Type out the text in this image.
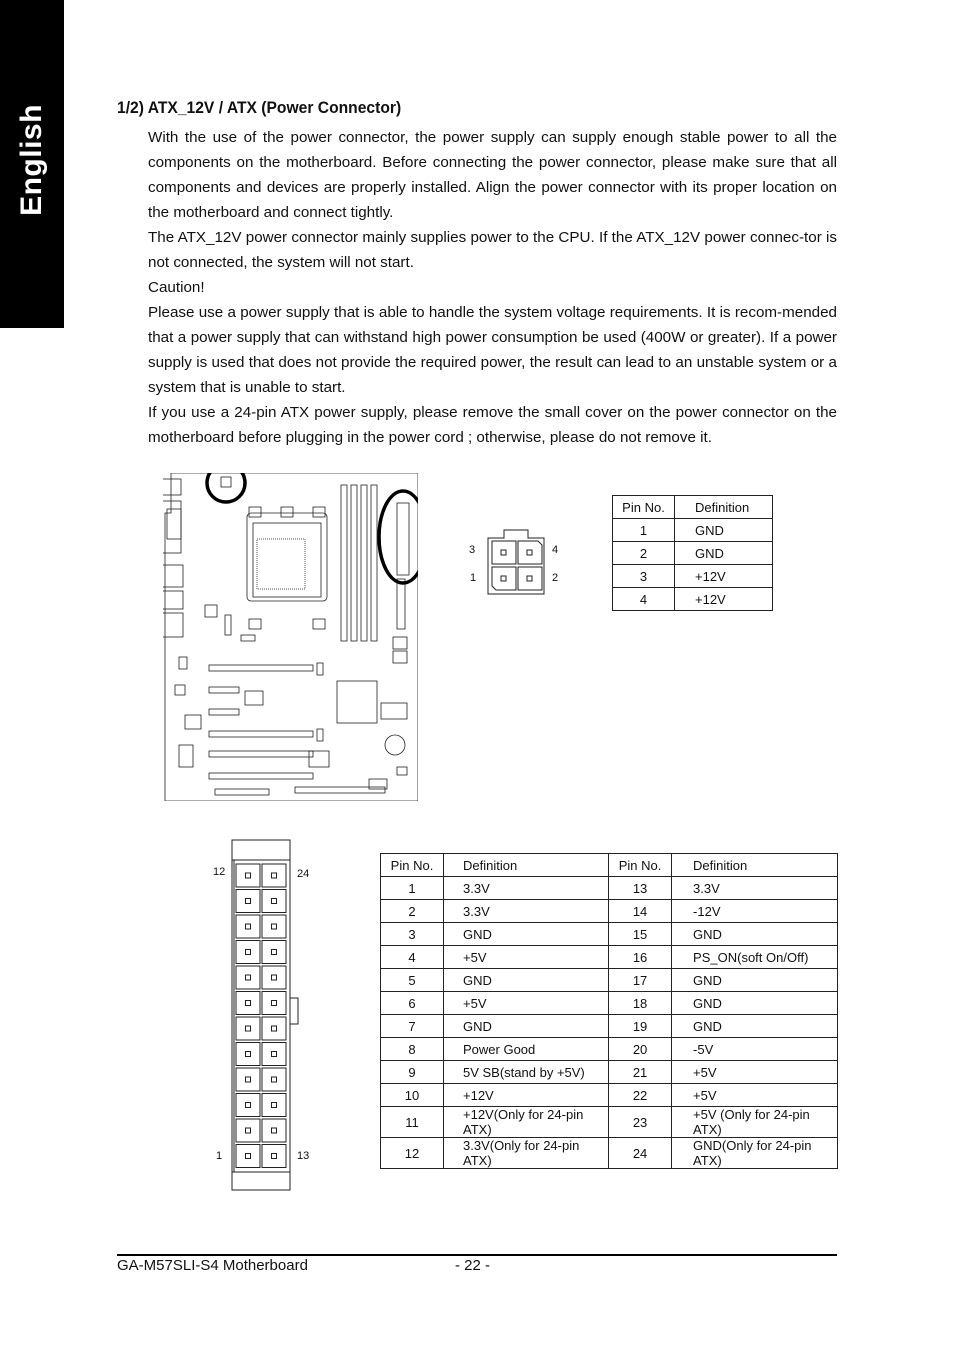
English	1/2) ATX_12V / ATX (Power Connector)

With the use of the power connector, the power supply can supply enough stable power to all the components on the motherboard. Before connecting the power connector, please make sure that all components and devices are properly installed. Align the power connector with its proper location on the motherboard and connect tightly.

The ATX_12V power connector mainly supplies power to the CPU. If the ATX_12V power connec-tor is not connected, the system will not start.

Caution!

Please use a power supply that is able to handle the system voltage requirements. It is recom-mended that a power supply that can withstand high power consumption be used (400W or greater). If a power supply is used that does not provide the required power, the result can lead to an unstable system or a system that is unable to start.

If you use a 24-pin ATX power supply, please remove the small cover on the power connector on the motherboard before plugging in the power cord ; otherwise, please do not remove it.

3	4
1	2
Pin No.	Definition
1	GND
2	GND
3	+12V
4	+12V
12	24
1	13
Pin No.	Definition	Pin No.	Definition
1	3.3V	13	3.3V
2	3.3V	14	-12V
3	GND	15	GND
4	+5V	16	PS_ON(soft On/Off)
5	GND	17	GND
6	+5V	18	GND
7	GND	19	GND
8	Power Good	20	-5V
9	5V SB(stand by +5V)	21	+5V
10	+12V	22	+5V
11	+12V(Only for 24-pin ATX)	23	+5V (Only for 24-pin ATX)
12	3.3V(Only for 24-pin ATX)	24	GND(Only for 24-pin ATX)
GA-M57SLI-S4 Motherboard	- 22 -
